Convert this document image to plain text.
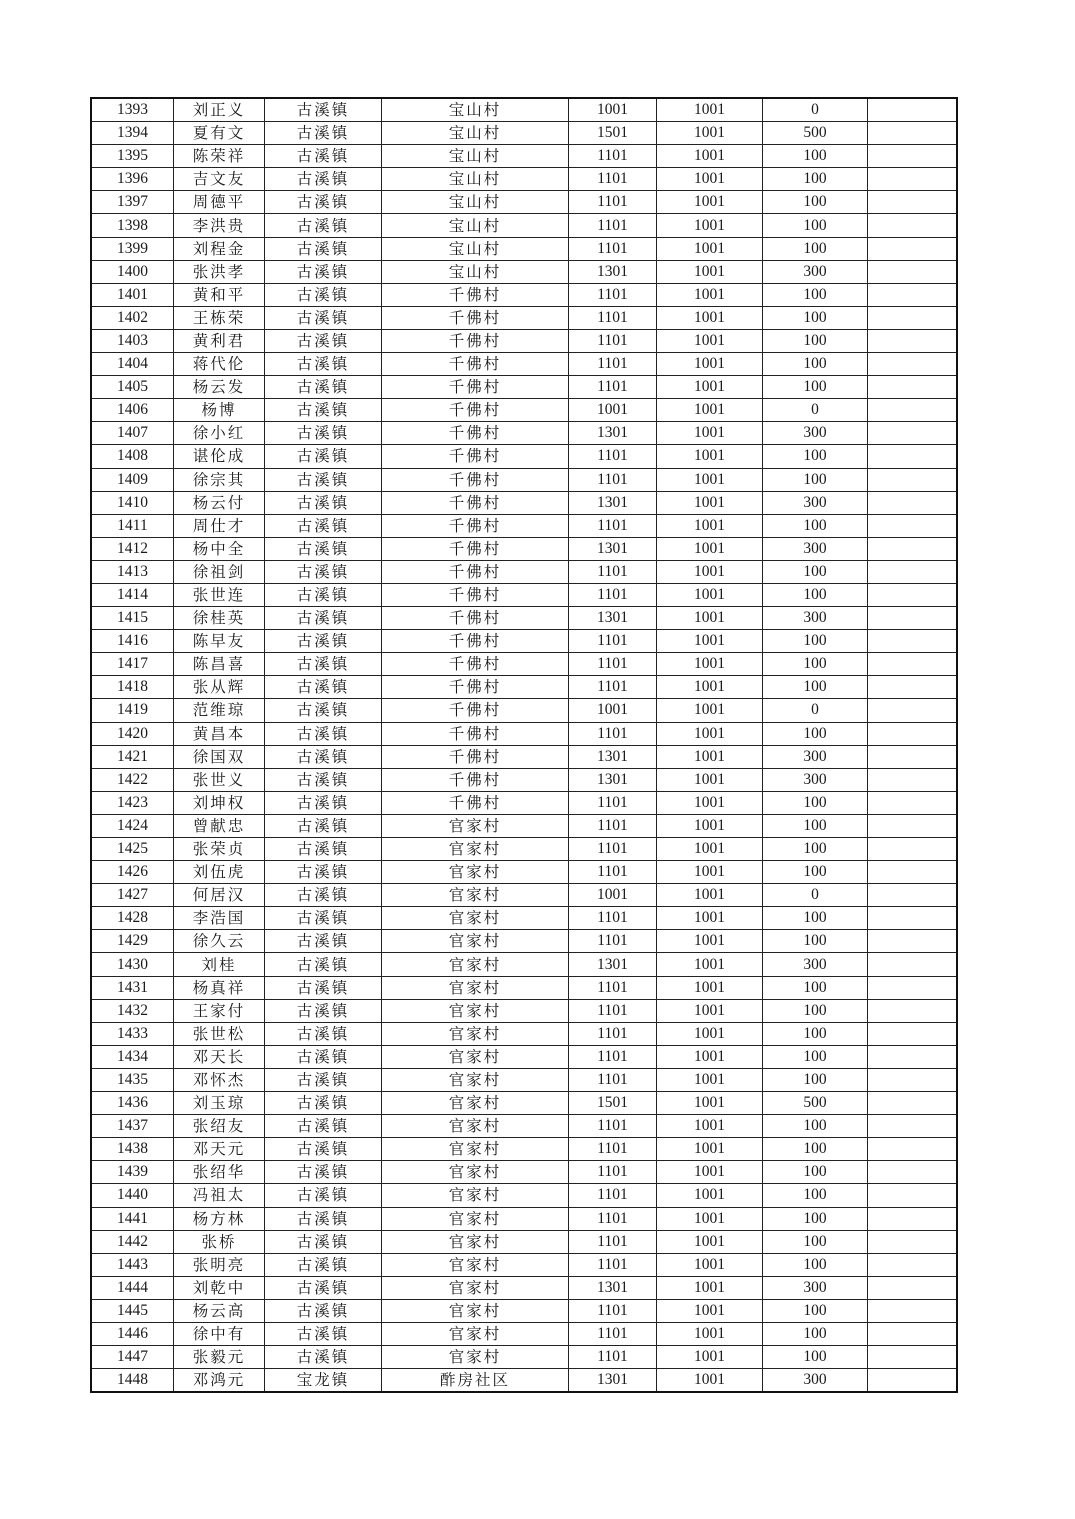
1393	刘正义	古溪镇	宝山村	1001	1001	0	
1394	夏有文	古溪镇	宝山村	1501	1001	500	
1395	陈荣祥	古溪镇	宝山村	1101	1001	100	
1396	吉文友	古溪镇	宝山村	1101	1001	100	
1397	周德平	古溪镇	宝山村	1101	1001	100	
1398	李洪贵	古溪镇	宝山村	1101	1001	100	
1399	刘程金	古溪镇	宝山村	1101	1001	100	
1400	张洪孝	古溪镇	宝山村	1301	1001	300	
1401	黄和平	古溪镇	千佛村	1101	1001	100	
1402	王栋荣	古溪镇	千佛村	1101	1001	100	
1403	黄利君	古溪镇	千佛村	1101	1001	100	
1404	蒋代伦	古溪镇	千佛村	1101	1001	100	
1405	杨云发	古溪镇	千佛村	1101	1001	100	
1406	杨博	古溪镇	千佛村	1001	1001	0	
1407	徐小红	古溪镇	千佛村	1301	1001	300	
1408	谌伦成	古溪镇	千佛村	1101	1001	100	
1409	徐宗其	古溪镇	千佛村	1101	1001	100	
1410	杨云付	古溪镇	千佛村	1301	1001	300	
1411	周仕才	古溪镇	千佛村	1101	1001	100	
1412	杨中全	古溪镇	千佛村	1301	1001	300	
1413	徐祖剑	古溪镇	千佛村	1101	1001	100	
1414	张世连	古溪镇	千佛村	1101	1001	100	
1415	徐桂英	古溪镇	千佛村	1301	1001	300	
1416	陈早友	古溪镇	千佛村	1101	1001	100	
1417	陈昌喜	古溪镇	千佛村	1101	1001	100	
1418	张从辉	古溪镇	千佛村	1101	1001	100	
1419	范维琼	古溪镇	千佛村	1001	1001	0	
1420	黄昌本	古溪镇	千佛村	1101	1001	100	
1421	徐国双	古溪镇	千佛村	1301	1001	300	
1422	张世义	古溪镇	千佛村	1301	1001	300	
1423	刘坤权	古溪镇	千佛村	1101	1001	100	
1424	曾献忠	古溪镇	官家村	1101	1001	100	
1425	张荣贞	古溪镇	官家村	1101	1001	100	
1426	刘伍虎	古溪镇	官家村	1101	1001	100	
1427	何居汉	古溪镇	官家村	1001	1001	0	
1428	李浩国	古溪镇	官家村	1101	1001	100	
1429	徐久云	古溪镇	官家村	1101	1001	100	
1430	刘桂	古溪镇	官家村	1301	1001	300	
1431	杨真祥	古溪镇	官家村	1101	1001	100	
1432	王家付	古溪镇	官家村	1101	1001	100	
1433	张世松	古溪镇	官家村	1101	1001	100	
1434	邓天长	古溪镇	官家村	1101	1001	100	
1435	邓怀杰	古溪镇	官家村	1101	1001	100	
1436	刘玉琼	古溪镇	官家村	1501	1001	500	
1437	张绍友	古溪镇	官家村	1101	1001	100	
1438	邓天元	古溪镇	官家村	1101	1001	100	
1439	张绍华	古溪镇	官家村	1101	1001	100	
1440	冯祖太	古溪镇	官家村	1101	1001	100	
1441	杨方林	古溪镇	官家村	1101	1001	100	
1442	张桥	古溪镇	官家村	1101	1001	100	
1443	张明亮	古溪镇	官家村	1101	1001	100	
1444	刘乾中	古溪镇	官家村	1301	1001	300	
1445	杨云高	古溪镇	官家村	1101	1001	100	
1446	徐中有	古溪镇	官家村	1101	1001	100	
1447	张毅元	古溪镇	官家村	1101	1001	100	
1448	邓鸿元	宝龙镇	酢房社区	1301	1001	300	
